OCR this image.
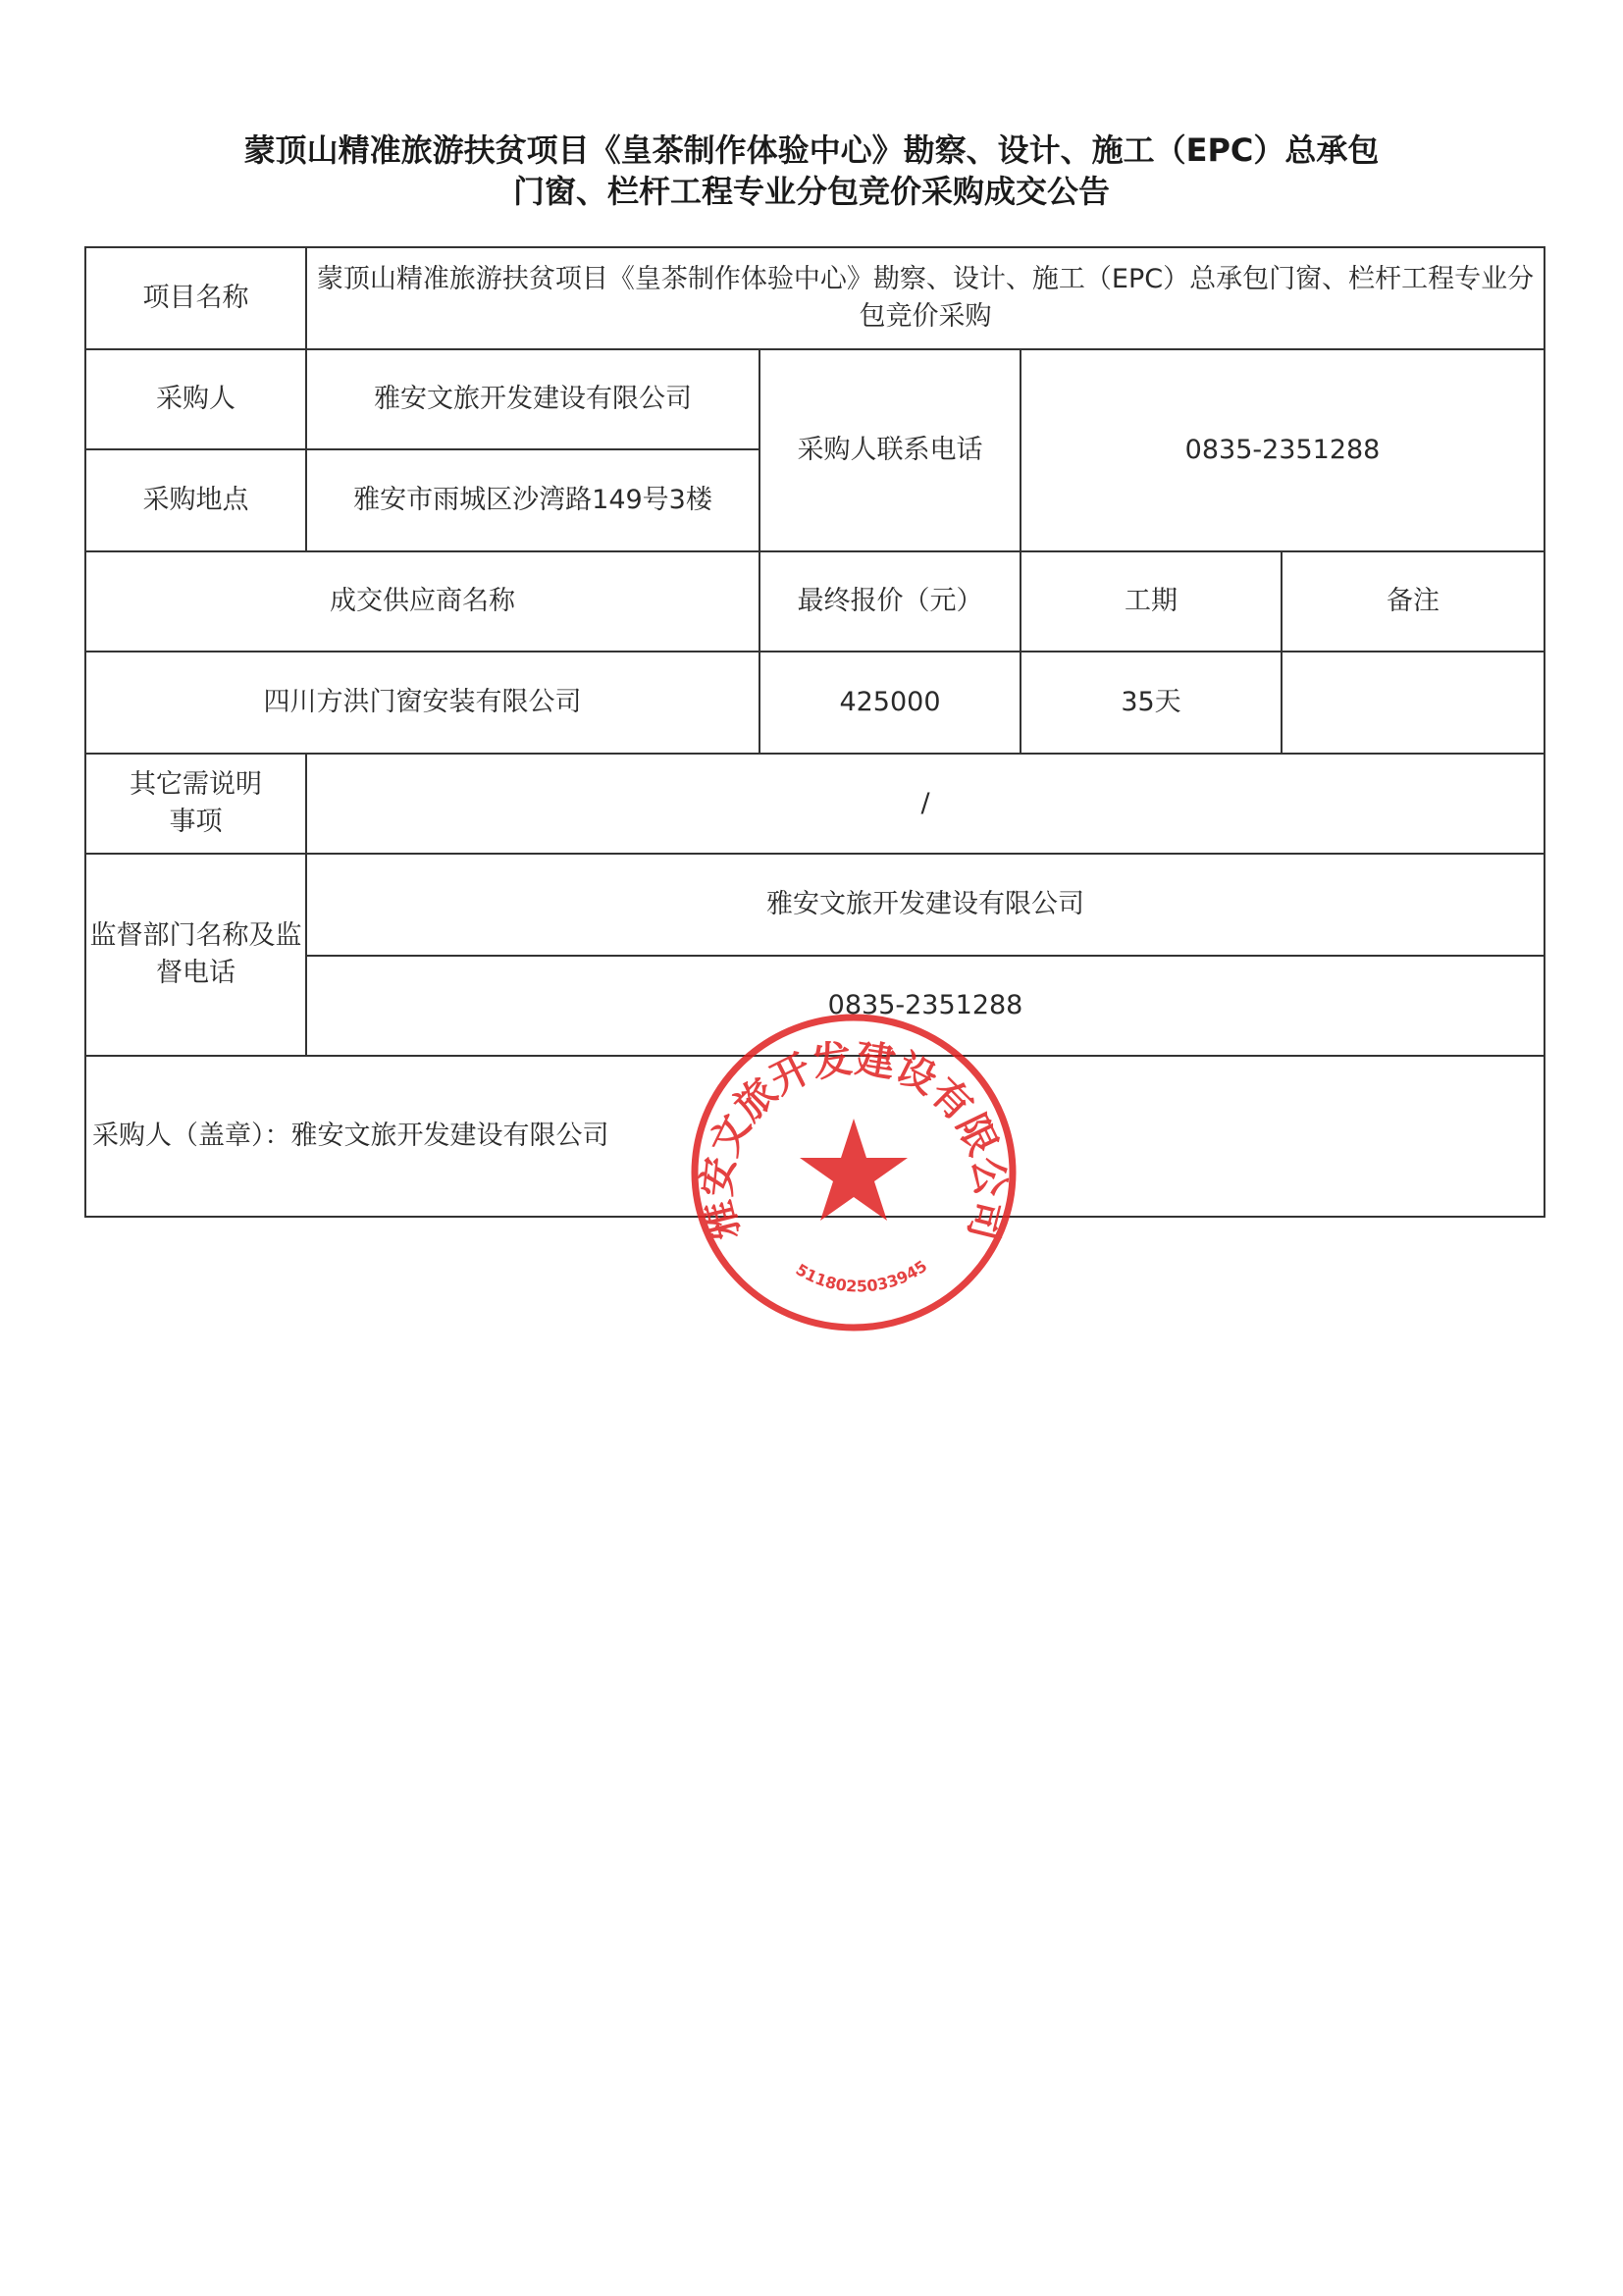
蒙顶山精准旅游扶贫项目《皇茶制作体验中心》勘察、设计、施工（EPC）总承包
门窗、栏杆工程专业分包竞价采购成交公告
项目名称	蒙顶山精准旅游扶贫项目《皇茶制作体验中心》勘察、设计、施工（EPC）总承包门窗、栏杆工程专业分包竞价采购			
采购人	雅安文旅开发建设有限公司	采购人联系电话	0835-2351288	
采购地点	雅安市雨城区沙湾路149号3楼			
成交供应商名称		最终报价（元）	工期	备注
四川方洪门窗安装有限公司		425000	35天	
其它需说明事项	/			
监督部门名称及监督电话	雅安文旅开发建设有限公司			
	0835-2351288			
采购人（盖章）：雅安文旅开发建设有限公司				
雅安文旅开发建设有限公司
5118025033945
